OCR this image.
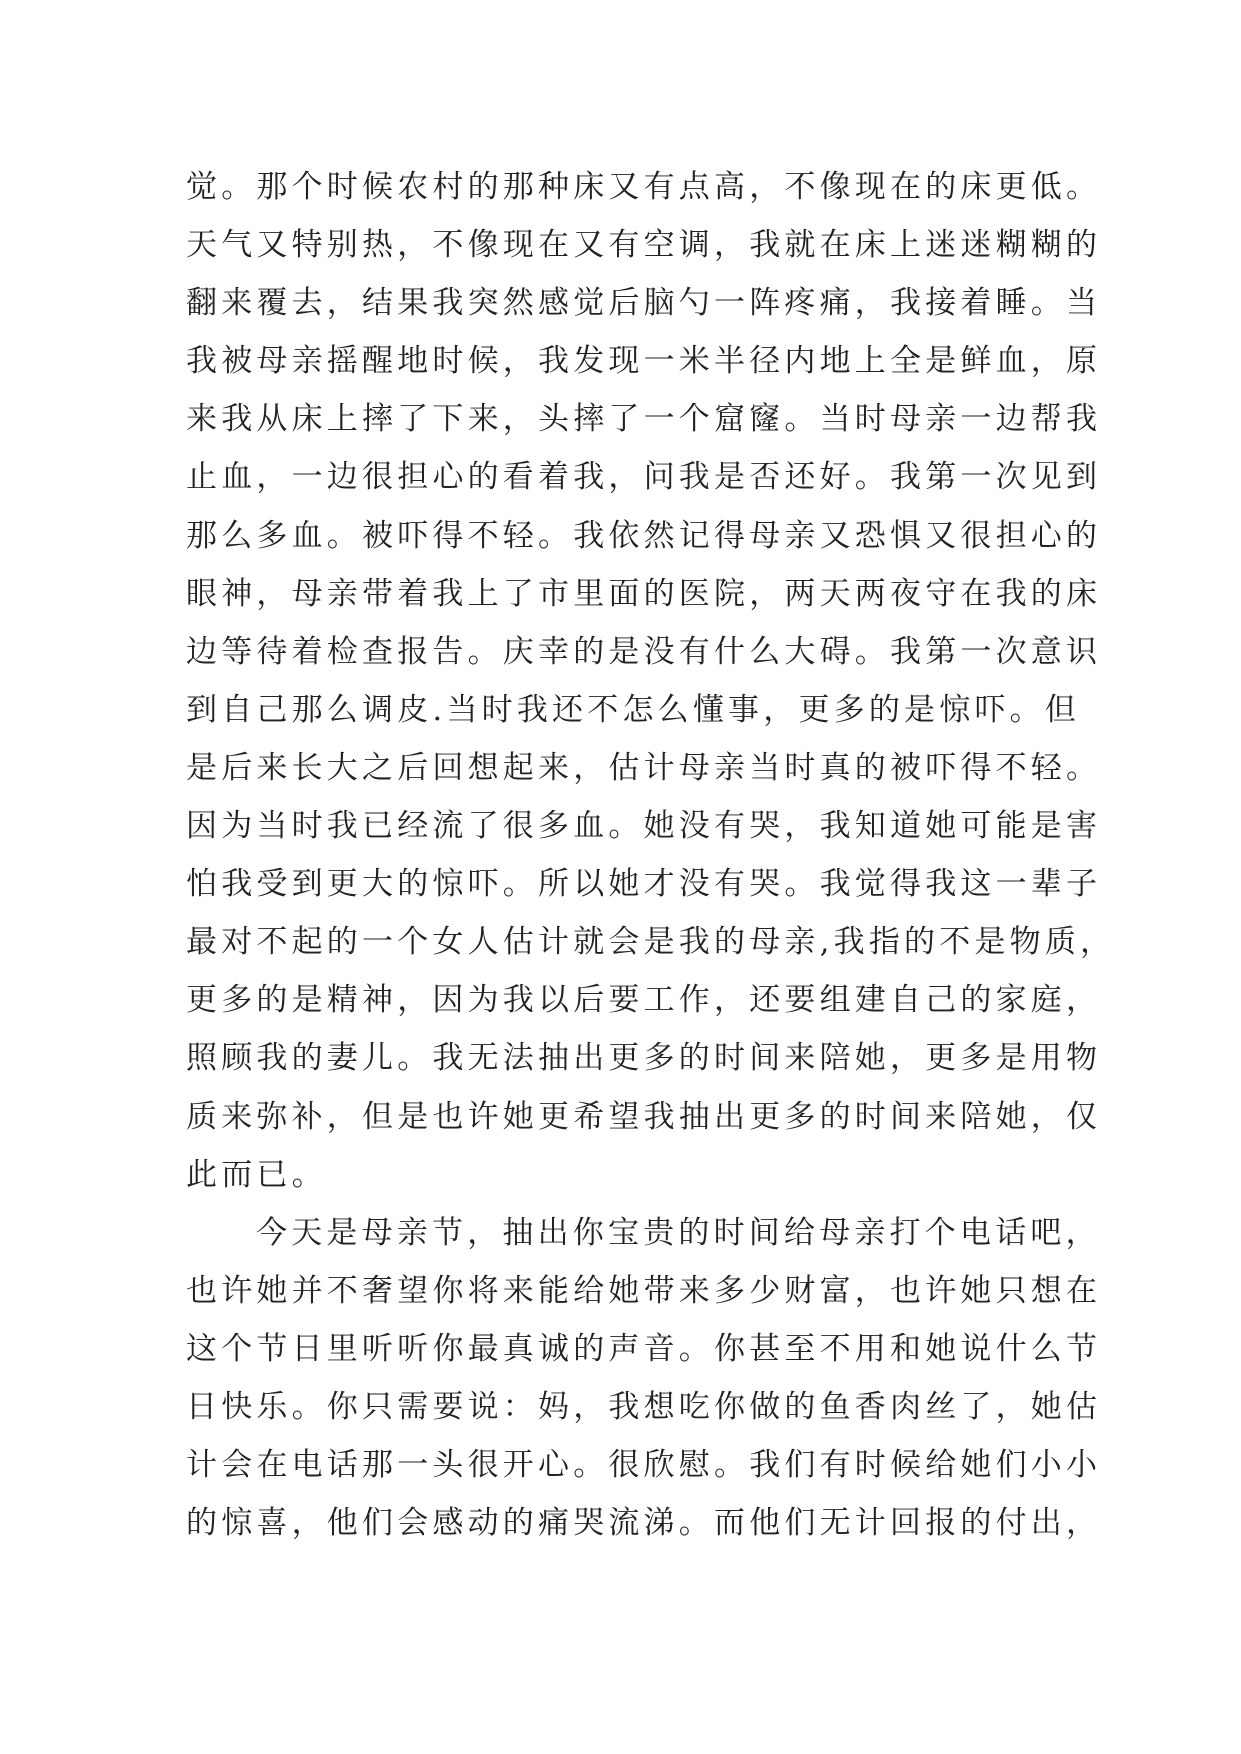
觉。那个时候农村的那种床又有点高，不像现在的床更低。
天气又特别热，不像现在又有空调，我就在床上迷迷糊糊的
翻来覆去，结果我突然感觉后脑勺一阵疼痛，我接着睡。当
我被母亲摇醒地时候，我发现一米半径内地上全是鲜血，原
来我从床上摔了下来，头摔了一个窟窿。当时母亲一边帮我
止血，一边很担心的看着我，问我是否还好。我第一次见到
那么多血。被吓得不轻。我依然记得母亲又恐惧又很担心的
眼神，母亲带着我上了市里面的医院，两天两夜守在我的床
边等待着检查报告。庆幸的是没有什么大碍。我第一次意识
到自己那么调皮.当时我还不怎么懂事，更多的是惊吓。但
是后来长大之后回想起来，估计母亲当时真的被吓得不轻。
因为当时我已经流了很多血。她没有哭，我知道她可能是害
怕我受到更大的惊吓。所以她才没有哭。我觉得我这一辈子
最对不起的一个女人估计就会是我的母亲,我指的不是物质，
更多的是精神，因为我以后要工作，还要组建自己的家庭，
照顾我的妻儿。我无法抽出更多的时间来陪她，更多是用物
质来弥补，但是也许她更希望我抽出更多的时间来陪她，仅
此而已。
今天是母亲节，抽出你宝贵的时间给母亲打个电话吧，
也许她并不奢望你将来能给她带来多少财富，也许她只想在
这个节日里听听你最真诚的声音。你甚至不用和她说什么节
日快乐。你只需要说：妈，我想吃你做的鱼香肉丝了，她估
计会在电话那一头很开心。很欣慰。我们有时候给她们小小
的惊喜，他们会感动的痛哭流涕。而他们无计回报的付出，
